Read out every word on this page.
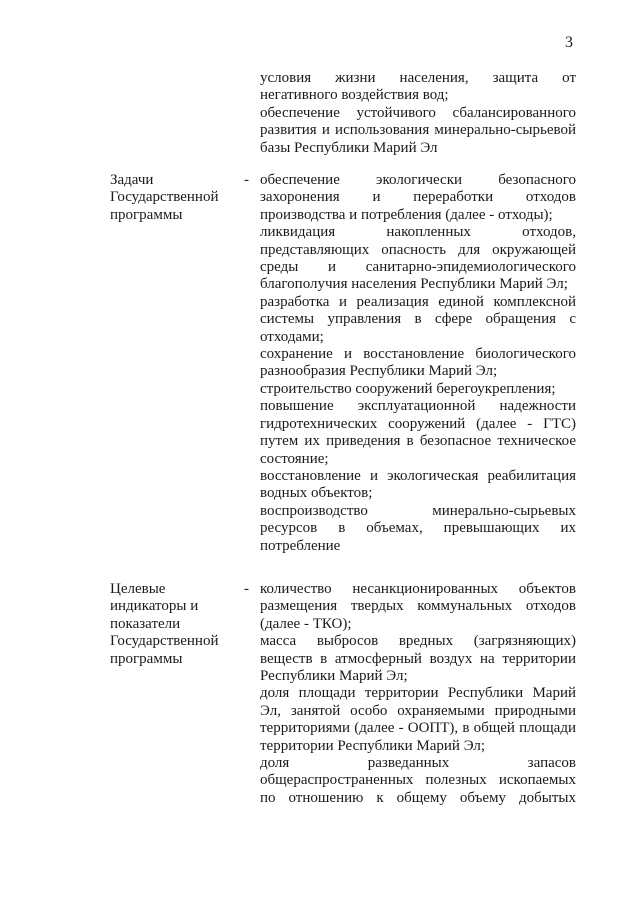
3

условия жизни населения, защита от негативного воздействия вод;

обеспечение устойчивого сбалансированного развития и использования минерально-сырьевой базы Республики Марий Эл

Задачи
Государственной
программы
- обеспечение экологически безопасного захоронения и переработки отходов производства и потребления (далее - отходы);

ликвидация накопленных отходов, представляющих опасность для окружающей среды и санитарно-эпидемиологического благополучия населения Республики Марий Эл;

разработка и реализация единой комплексной системы управления в сфере обращения с отходами;

сохранение и восстановление биологического разнообразия Республики Марий Эл;

строительство сооружений берегоукрепления;

повышение эксплуатационной надежности гидротехнических сооружений (далее - ГТС) путем их приведения в безопасное техническое состояние;

восстановление и экологическая реабилитация водных объектов;

воспроизводство минерально-сырьевых ресурсов в объемах, превышающих их потребление

Целевые
индикаторы и
показатели
Государственной
программы
- количество несанкционированных объектов размещения твердых коммунальных отходов (далее - ТКО);

масса выбросов вредных (загрязняющих) веществ в атмосферный воздух на территории Республики Марий Эл;

доля площади территории Республики Марий Эл, занятой особо охраняемыми природными территориями (далее - ООПТ), в общей площади территории Республики Марий Эл;

доля разведанных запасов общераспространенных полезных ископаемых по отношению к общему объему добытых
